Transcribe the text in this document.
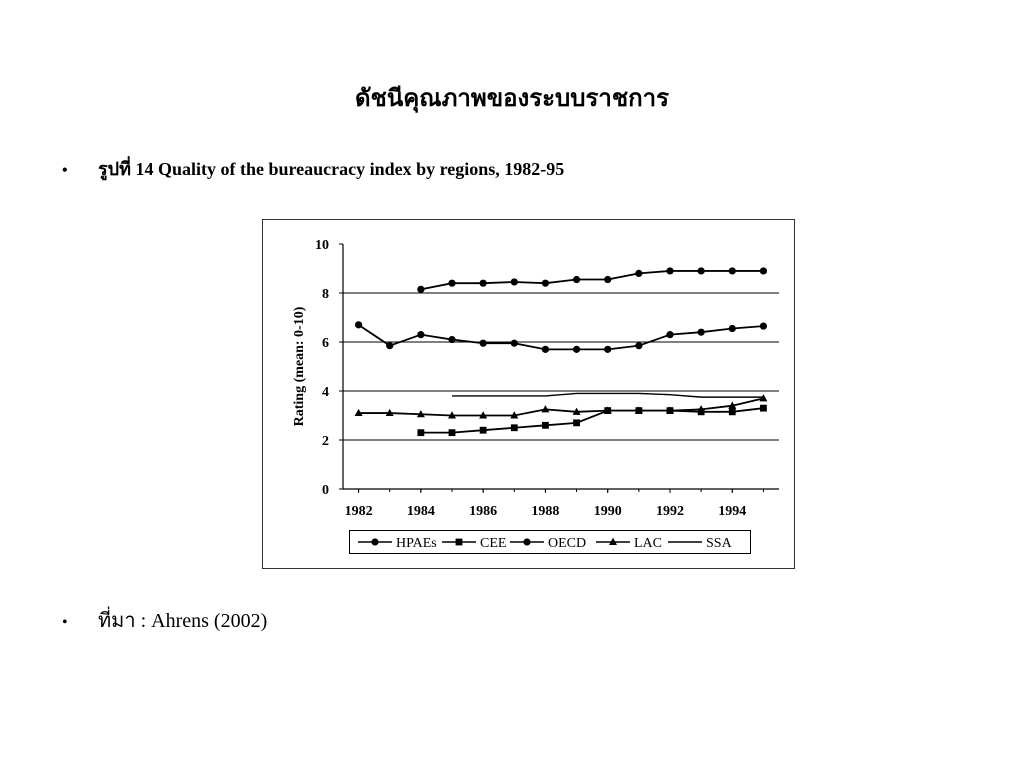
ดัชนีคุณภาพของระบบราชการ
• รูปที่ 14 Quality of the bureaucracy index by regions, 1982-95
0
2
4
6
8
10
1982 1984 1986 1988 1990 1992 1994
Rating (mean: 0-10)
HPAEs	CEE	OECD	LAC	SSA
• ที่มา : Ahrens (2002)
